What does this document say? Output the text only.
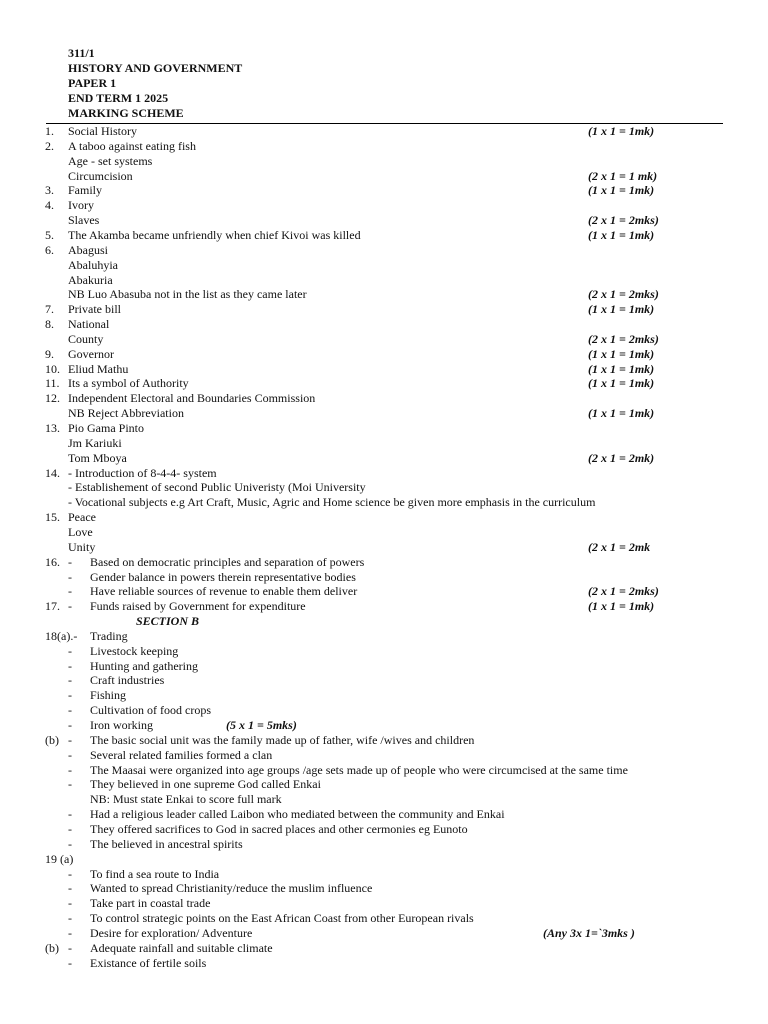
311/1
HISTORY AND GOVERNMENT
PAPER 1
END TERM 1 2025
MARKING SCHEME
1. Social History	(1 x 1 = 1mk)
2. A taboo against eating fish
Age - set systems
Circumcision	(2 x 1 = 1 mk)
3. Family	(1 x 1 = 1mk)
4. Ivory
Slaves	(2 x 1 = 2mks)
5. The Akamba became unfriendly when chief Kivoi was killed	(1 x 1 = 1mk)
6. Abagusi
Abaluhyia
Abakuria
NB Luo Abasuba not in the list as they came later	(2 x 1 = 2mks)
7. Private bill	(1 x 1 = 1mk)
8. National
County	(2 x 1 = 2mks)
9. Governor	(1 x 1 = 1mk)
10. Eliud Mathu	(1 x 1 = 1mk)
11. Its a symbol of Authority	(1 x 1 = 1mk)
12. Independent Electoral and Boundaries Commission
NB Reject Abbreviation	(1 x 1 = 1mk)
13. Pio Gama Pinto
Jm Kariuki
Tom Mboya	(2 x 1 = 2mk)
14. - Introduction of 8-4-4- system
- Establishement of second Public Univeristy (Moi University
- Vocational subjects e.g Art Craft, Music, Agric and Home science be given more emphasis in the curriculum
15. Peace
Love
Unity	(2 x 1 = 2mk
16. - Based on democratic principles and separation of powers
- Gender balance in powers therein representative bodies
- Have reliable sources of revenue to enable them deliver	(2 x 1 = 2mks)
17. - Funds raised by Government for expenditure	(1 x 1 = 1mk)
SECTION B
18(a).- Trading
- Livestock keeping
- Hunting and gathering
- Craft industries
- Fishing
- Cultivation of food crops
- Iron working	(5 x 1 = 5mks)
(b) - The basic social unit was the family made up of father, wife /wives and children
- Several related families formed a clan
- The Maasai were organized into age groups /age sets made up of people who were circumcised at the same time
- They believed in one supreme God called Enkai
NB: Must state Enkai to score full mark
- Had a religious leader called Laibon who mediated between the community and Enkai
- They offered sacrifices to God in sacred places and other cermonies eg Eunoto
- The believed in ancestral spirits
19 (a)
- To find a sea route to India
- Wanted to spread Christianity/reduce the muslim influence
- Take part in coastal trade
- To control strategic points on the East African Coast from other European rivals
- Desire for exploration/ Adventure	(Any 3x 1=`3mks )
(b) - Adequate rainfall and suitable climate
- Existance of fertile soils
